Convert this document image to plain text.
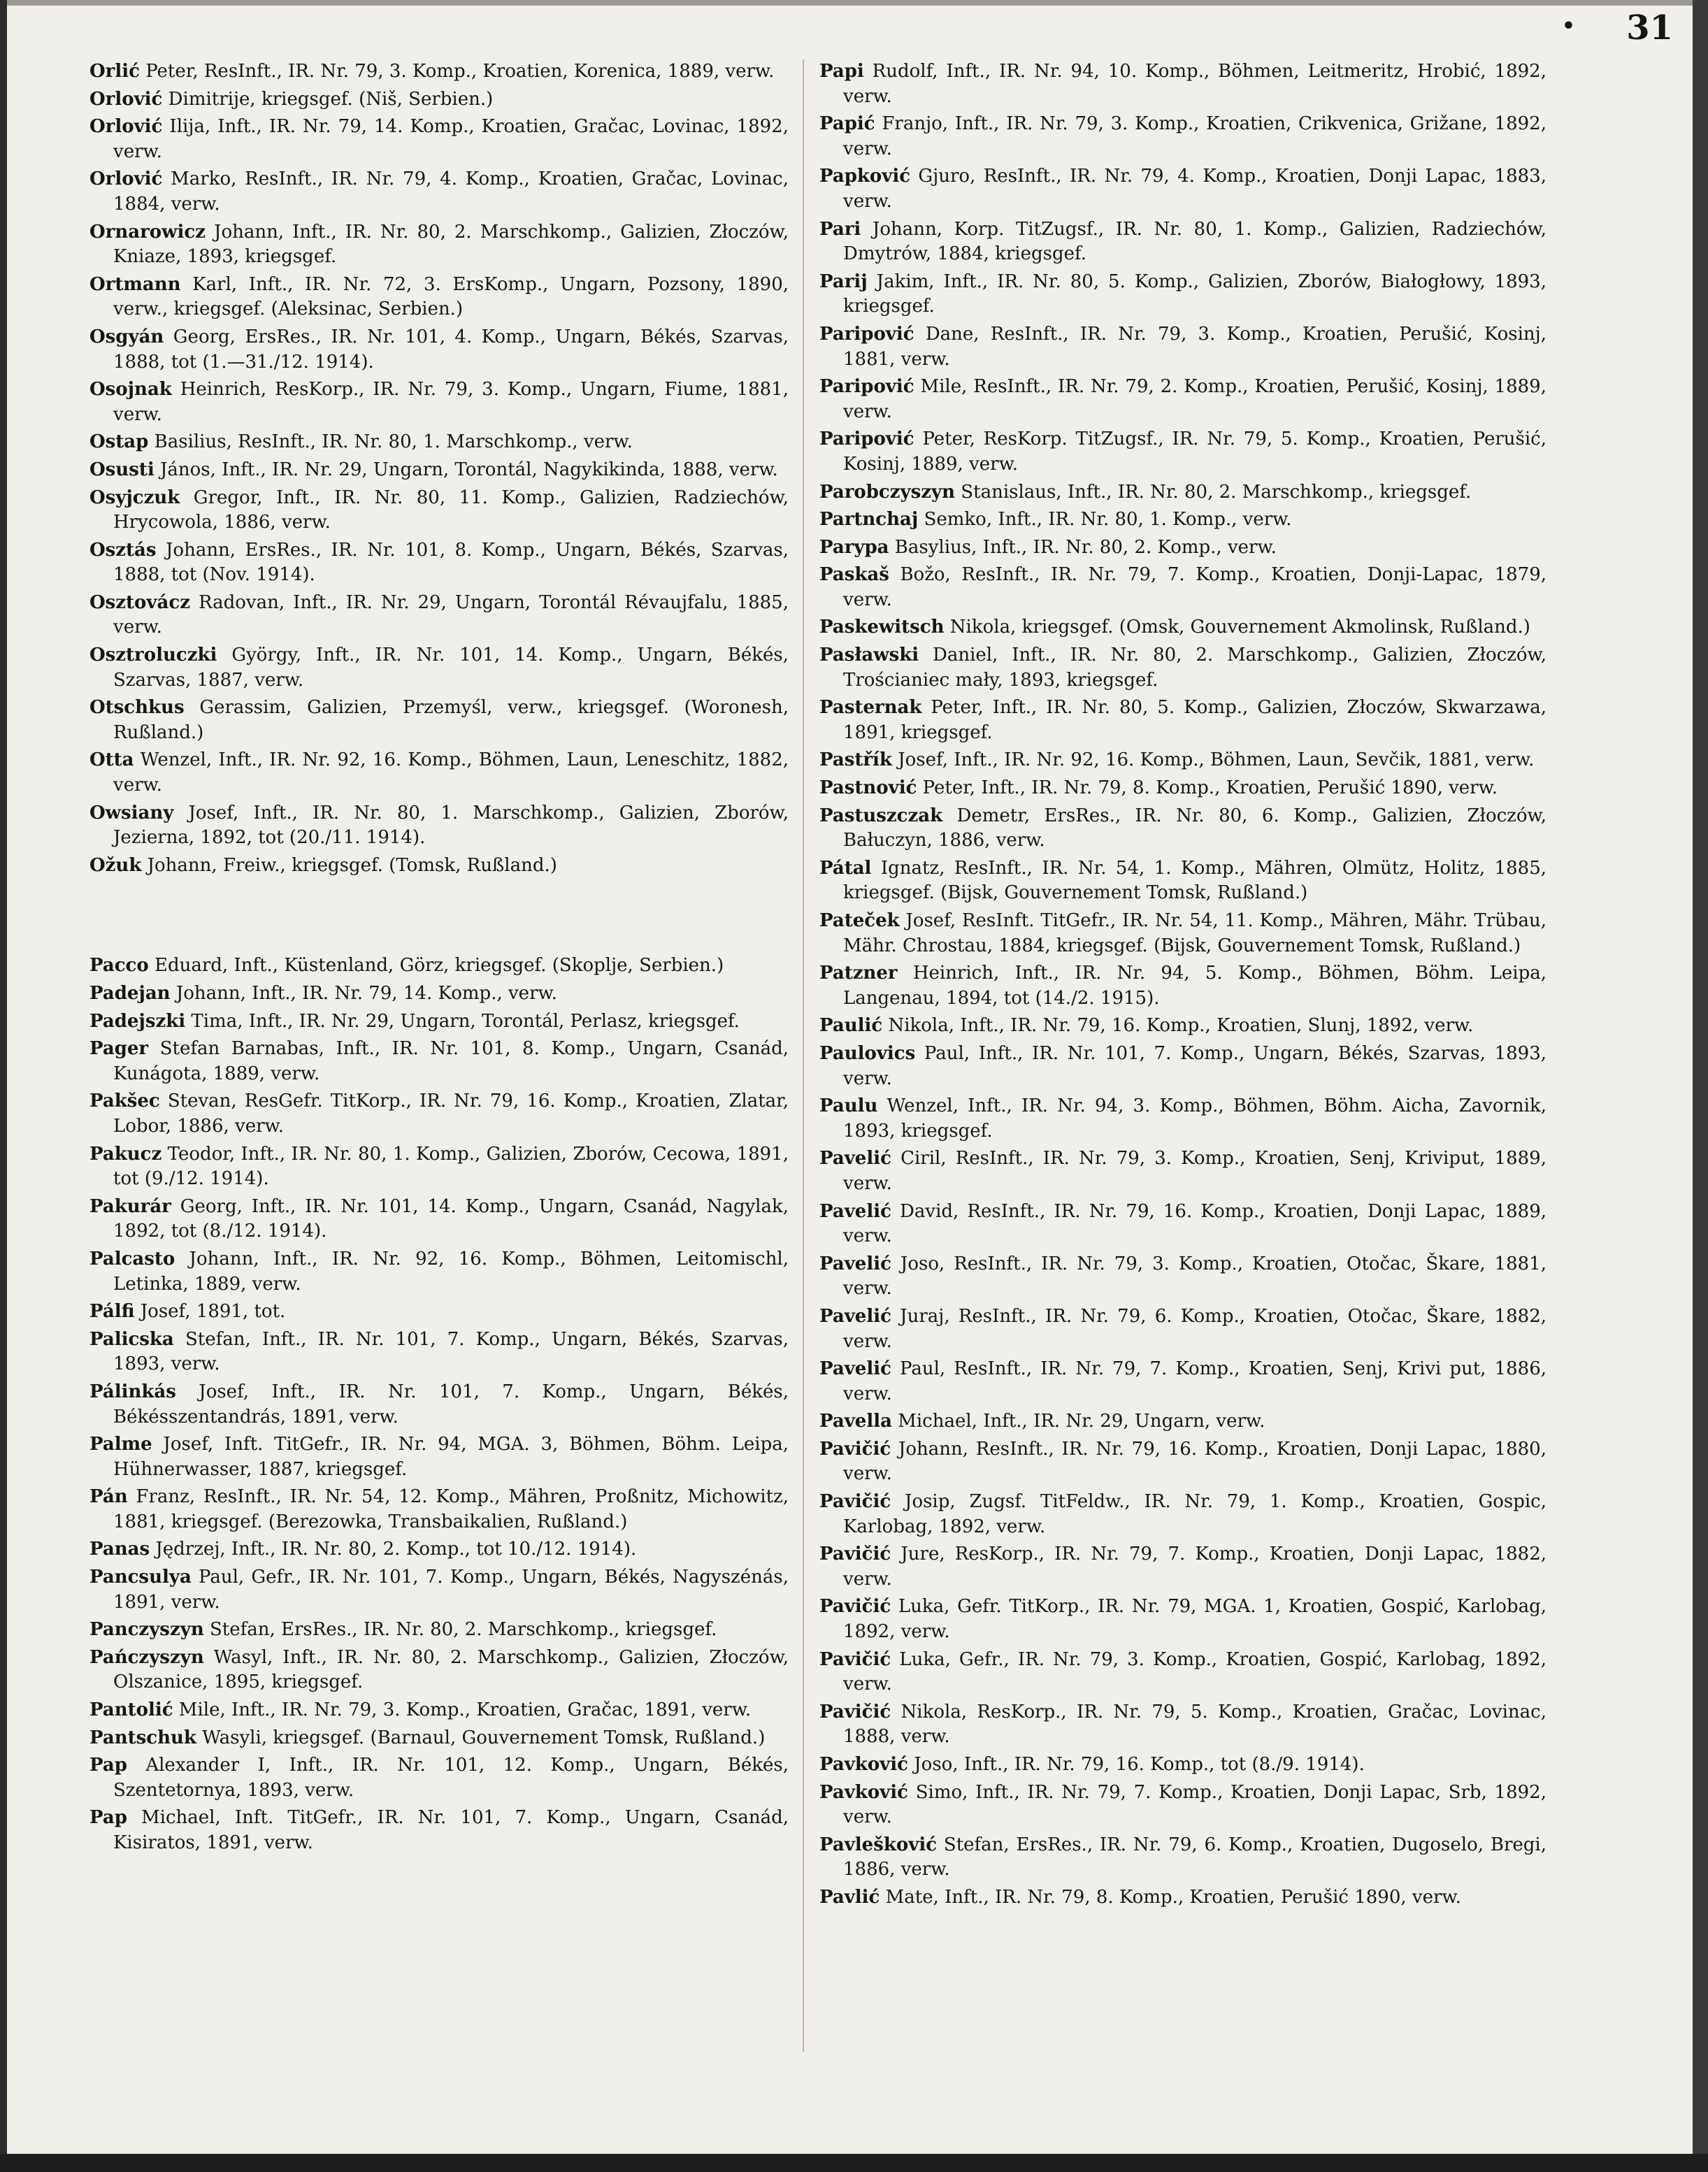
• 31

Orlić Peter, ResInft., IR. Nr. 79, 3. Komp., Kroatien, Korenica, 1889, verw.

Orlović Dimitrije, kriegsgef. (Niš, Serbien.)

Orlović Ilija, Inft., IR. Nr. 79, 14. Komp., Kroatien, Gračac, Lovinac, 1892, verw.

Orlović Marko, ResInft., IR. Nr. 79, 4. Komp., Kroatien, Gračac, Lovinac, 1884, verw.

Ornarowicz Johann, Inft., IR. Nr. 80, 2. Marschkomp., Galizien, Złoczów, Kniaze, 1893, kriegsgef.

Ortmann Karl, Inft., IR. Nr. 72, 3. ErsKomp., Ungarn, Pozsony, 1890, verw., kriegsgef. (Aleksinac, Serbien.)

Osgyán Georg, ErsRes., IR. Nr. 101, 4. Komp., Ungarn, Békés, Szarvas, 1888, tot (1.—31./12. 1914).

Osojnak Heinrich, ResKorp., IR. Nr. 79, 3. Komp., Ungarn, Fiume, 1881, verw.

Ostap Basilius, ResInft., IR. Nr. 80, 1. Marschkomp., verw.

Osusti János, Inft., IR. Nr. 29, Ungarn, Torontál, Nagykikinda, 1888, verw.

Osyjczuk Gregor, Inft., IR. Nr. 80, 11. Komp., Galizien, Radziechów, Hrycowola, 1886, verw.

Osztás Johann, ErsRes., IR. Nr. 101, 8. Komp., Ungarn, Békés, Szarvas, 1888, tot (Nov. 1914).

Osztovácz Radovan, Inft., IR. Nr. 29, Ungarn, Torontál Révaujfalu, 1885, verw.

Osztroluczki György, Inft., IR. Nr. 101, 14. Komp., Ungarn, Békés, Szarvas, 1887, verw.

Otschkus Gerassim, Galizien, Przemyśl, verw., kriegsgef. (Woronesh, Rußland.)

Otta Wenzel, Inft., IR. Nr. 92, 16. Komp., Böhmen, Laun, Leneschitz, 1882, verw.

Owsiany Josef, Inft., IR. Nr. 80, 1. Marschkomp., Galizien, Zborów, Jezierna, 1892, tot (20./11. 1914).

Ožuk Johann, Freiw., kriegsgef. (Tomsk, Rußland.)

Pacco Eduard, Inft., Küstenland, Görz, kriegsgef. (Skoplje, Serbien.)

Padejan Johann, Inft., IR. Nr. 79, 14. Komp., verw.

Padejszki Tima, Inft., IR. Nr. 29, Ungarn, Torontál, Perlasz, kriegsgef.

Pager Stefan Barnabas, Inft., IR. Nr. 101, 8. Komp., Ungarn, Csanád, Kunágota, 1889, verw.

Pakšec Stevan, ResGefr. TitKorp., IR. Nr. 79, 16. Komp., Kroatien, Zlatar, Lobor, 1886, verw.

Pakucz Teodor, Inft., IR. Nr. 80, 1. Komp., Galizien, Zborów, Cecowa, 1891, tot (9./12. 1914).

Pakurár Georg, Inft., IR. Nr. 101, 14. Komp., Ungarn, Csanád, Nagylak, 1892, tot (8./12. 1914).

Palcasto Johann, Inft., IR. Nr. 92, 16. Komp., Böhmen, Leitomischl, Letinka, 1889, verw.

Pálfi Josef, 1891, tot.

Palicska Stefan, Inft., IR. Nr. 101, 7. Komp., Ungarn, Békés, Szarvas, 1893, verw.

Pálinkás Josef, Inft., IR. Nr. 101, 7. Komp., Ungarn, Békés, Békésszentandrás, 1891, verw.

Palme Josef, Inft. TitGefr., IR. Nr. 94, MGA. 3, Böhmen, Böhm. Leipa, Hühnerwasser, 1887, kriegsgef.

Pán Franz, ResInft., IR. Nr. 54, 12. Komp., Mähren, Proßnitz, Michowitz, 1881, kriegsgef. (Berezowka, Transbaikalien, Rußland.)

Panas Jędrzej, Inft., IR. Nr. 80, 2. Komp., tot 10./12. 1914).

Pancsulya Paul, Gefr., IR. Nr. 101, 7. Komp., Ungarn, Békés, Nagyszénás, 1891, verw.

Panczyszyn Stefan, ErsRes., IR. Nr. 80, 2. Marschkomp., kriegsgef.

Pańczyszyn Wasyl, Inft., IR. Nr. 80, 2. Marschkomp., Galizien, Złoczów, Olszanice, 1895, kriegsgef.

Pantolić Mile, Inft., IR. Nr. 79, 3. Komp., Kroatien, Gračac, 1891, verw.

Pantschuk Wasyli, kriegsgef. (Barnaul, Gouvernement Tomsk, Rußland.)

Pap Alexander I, Inft., IR. Nr. 101, 12. Komp., Ungarn, Békés, Szentetornya, 1893, verw.

Pap Michael, Inft. TitGefr., IR. Nr. 101, 7. Komp., Ungarn, Csanád, Kisiratos, 1891, verw.

Papi Rudolf, Inft., IR. Nr. 94, 10. Komp., Böhmen, Leitmeritz, Hrobić, 1892, verw.

Papić Franjo, Inft., IR. Nr. 79, 3. Komp., Kroatien, Crikvenica, Grižane, 1892, verw.

Papković Gjuro, ResInft., IR. Nr. 79, 4. Komp., Kroatien, Donji Lapac, 1883, verw.

Pari Johann, Korp. TitZugsf., IR. Nr. 80, 1. Komp., Galizien, Radziechów, Dmytrów, 1884, kriegsgef.

Parij Jakim, Inft., IR. Nr. 80, 5. Komp., Galizien, Zborów, Białogłowy, 1893, kriegsgef.

Paripović Dane, ResInft., IR. Nr. 79, 3. Komp., Kroatien, Perušić, Kosinj, 1881, verw.

Paripović Mile, ResInft., IR. Nr. 79, 2. Komp., Kroatien, Perušić, Kosinj, 1889, verw.

Paripović Peter, ResKorp. TitZugsf., IR. Nr. 79, 5. Komp., Kroatien, Perušić, Kosinj, 1889, verw.

Parobczyszyn Stanislaus, Inft., IR. Nr. 80, 2. Marschkomp., kriegsgef.

Partnchaj Semko, Inft., IR. Nr. 80, 1. Komp., verw.

Parypa Basylius, Inft., IR. Nr. 80, 2. Komp., verw.

Paskaš Božo, ResInft., IR. Nr. 79, 7. Komp., Kroatien, Donji-Lapac, 1879, verw.

Paskewitsch Nikola, kriegsgef. (Omsk, Gouvernement Akmolinsk, Rußland.)

Pasławski Daniel, Inft., IR. Nr. 80, 2. Marschkomp., Galizien, Złoczów, Trościaniec mały, 1893, kriegsgef.

Pasternak Peter, Inft., IR. Nr. 80, 5. Komp., Galizien, Złoczów, Skwarzawa, 1891, kriegsgef.

Pastřík Josef, Inft., IR. Nr. 92, 16. Komp., Böhmen, Laun, Sevčik, 1881, verw.

Pastnović Peter, Inft., IR. Nr. 79, 8. Komp., Kroatien, Perušić 1890, verw.

Pastuszczak Demetr, ErsRes., IR. Nr. 80, 6. Komp., Galizien, Złoczów, Bałuczyn, 1886, verw.

Pátal Ignatz, ResInft., IR. Nr. 54, 1. Komp., Mähren, Olmütz, Holitz, 1885, kriegsgef. (Bijsk, Gouvernement Tomsk, Rußland.)

Pateček Josef, ResInft. TitGefr., IR. Nr. 54, 11. Komp., Mähren, Mähr. Trübau, Mähr. Chrostau, 1884, kriegsgef. (Bijsk, Gouvernement Tomsk, Rußland.)

Patzner Heinrich, Inft., IR. Nr. 94, 5. Komp., Böhmen, Böhm. Leipa, Langenau, 1894, tot (14./2. 1915).

Paulić Nikola, Inft., IR. Nr. 79, 16. Komp., Kroatien, Slunj, 1892, verw.

Paulovics Paul, Inft., IR. Nr. 101, 7. Komp., Ungarn, Békés, Szarvas, 1893, verw.

Paulu Wenzel, Inft., IR. Nr. 94, 3. Komp., Böhmen, Böhm. Aicha, Zavornik, 1893, kriegsgef.

Pavelić Ciril, ResInft., IR. Nr. 79, 3. Komp., Kroatien, Senj, Kriviput, 1889, verw.

Pavelić David, ResInft., IR. Nr. 79, 16. Komp., Kroatien, Donji Lapac, 1889, verw.

Pavelić Joso, ResInft., IR. Nr. 79, 3. Komp., Kroatien, Otočac, Škare, 1881, verw.

Pavelić Juraj, ResInft., IR. Nr. 79, 6. Komp., Kroatien, Otočac, Škare, 1882, verw.

Pavelić Paul, ResInft., IR. Nr. 79, 7. Komp., Kroatien, Senj, Krivi put, 1886, verw.

Pavella Michael, Inft., IR. Nr. 29, Ungarn, verw.

Pavičić Johann, ResInft., IR. Nr. 79, 16. Komp., Kroatien, Donji Lapac, 1880, verw.

Pavičić Josip, Zugsf. TitFeldw., IR. Nr. 79, 1. Komp., Kroatien, Gospic, Karlobag, 1892, verw.

Pavičić Jure, ResKorp., IR. Nr. 79, 7. Komp., Kroatien, Donji Lapac, 1882, verw.

Pavičić Luka, Gefr. TitKorp., IR. Nr. 79, MGA. 1, Kroatien, Gospić, Karlobag, 1892, verw.

Pavičić Luka, Gefr., IR. Nr. 79, 3. Komp., Kroatien, Gospić, Karlobag, 1892, verw.

Pavičić Nikola, ResKorp., IR. Nr. 79, 5. Komp., Kroatien, Gračac, Lovinac, 1888, verw.

Pavković Joso, Inft., IR. Nr. 79, 16. Komp., tot (8./9. 1914).

Pavković Simo, Inft., IR. Nr. 79, 7. Komp., Kroatien, Donji Lapac, Srb, 1892, verw.

Pavlešković Stefan, ErsRes., IR. Nr. 79, 6. Komp., Kroatien, Dugoselo, Bregi, 1886, verw.

Pavlić Mate, Inft., IR. Nr. 79, 8. Komp., Kroatien, Perušić 1890, verw.
